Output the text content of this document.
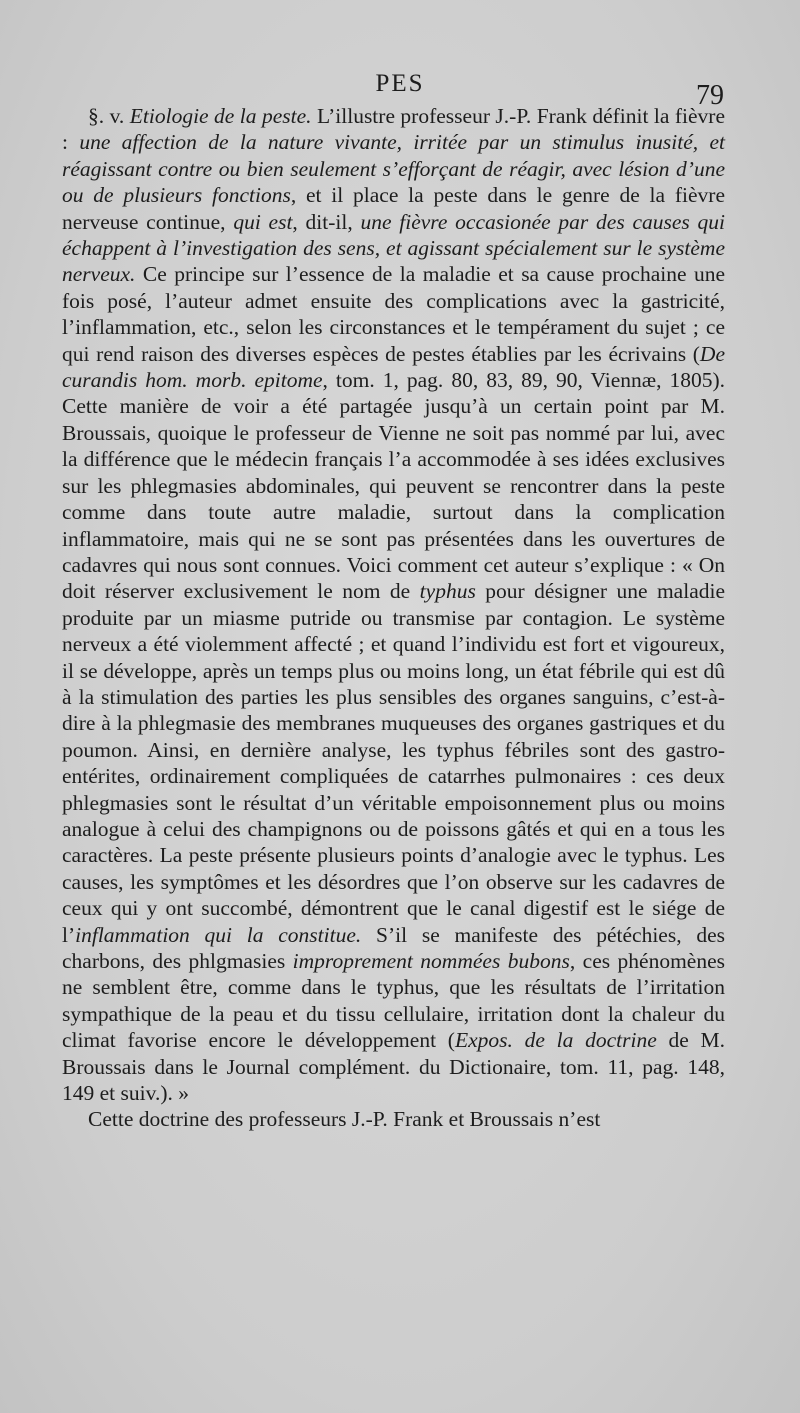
PES	79

§. v. Etiologie de la peste. L’illustre professeur J.-P. Frank définit la fièvre : une affection de la nature vivante, irritée par un stimulus inusité, et réagissant contre ou bien seulement s’efforçant de réagir, avec lésion d’une ou de plusieurs fonctions, et il place la peste dans le genre de la fièvre nerveuse continue, qui est, dit-il, une fièvre occasionée par des causes qui échappent à l’investigation des sens, et agissant spécialement sur le système nerveux. Ce principe sur l’essence de la maladie et sa cause prochaine une fois posé, l’auteur admet ensuite des complications avec la gastricité, l’inflammation, etc., selon les circonstances et le tempérament du sujet ; ce qui rend raison des diverses espèces de pestes établies par les écrivains (De curandis hom. morb. epitome, tom. 1, pag. 80, 83, 89, 90, Viennæ, 1805). Cette manière de voir a été partagée jusqu’à un certain point par M. Broussais, quoique le professeur de Vienne ne soit pas nommé par lui, avec la différence que le médecin français l’a accommodée à ses idées exclusives sur les phlegmasies abdominales, qui peuvent se rencontrer dans la peste comme dans toute autre maladie, surtout dans la complication inflammatoire, mais qui ne se sont pas présentées dans les ouvertures de cadavres qui nous sont connues. Voici comment cet auteur s’explique : « On doit réserver exclusivement le nom de typhus pour désigner une maladie produite par un miasme putride ou transmise par contagion. Le système nerveux a été violemment affecté ; et quand l’individu est fort et vigoureux, il se développe, après un temps plus ou moins long, un état fébrile qui est dû à la stimulation des parties les plus sensibles des organes sanguins, c’est-à-dire à la phlegmasie des membranes muqueuses des organes gastriques et du poumon. Ainsi, en dernière analyse, les typhus fébriles sont des gastro-entérites, ordinairement compliquées de catarrhes pulmonaires : ces deux phlegmasies sont le résultat d’un véritable empoisonnement plus ou moins analogue à celui des champignons ou de poissons gâtés et qui en a tous les caractères. La peste présente plusieurs points d’analogie avec le typhus. Les causes, les symptômes et les désordres que l’on observe sur les cadavres de ceux qui y ont succombé, démontrent que le canal digestif est le siége de l’inflammation qui la constitue. S’il se manifeste des pétéchies, des charbons, des phlgmasies improprement nommées bubons, ces phénomènes ne semblent être, comme dans le typhus, que les résultats de l’irritation sympathique de la peau et du tissu cellulaire, irritation dont la chaleur du climat favorise encore le développement (Expos. de la doctrine de M. Broussais dans le Journal complément. du Dictionaire, tom. 11, pag. 148, 149 et suiv.). »

Cette doctrine des professeurs J.-P. Frank et Broussais n’est
